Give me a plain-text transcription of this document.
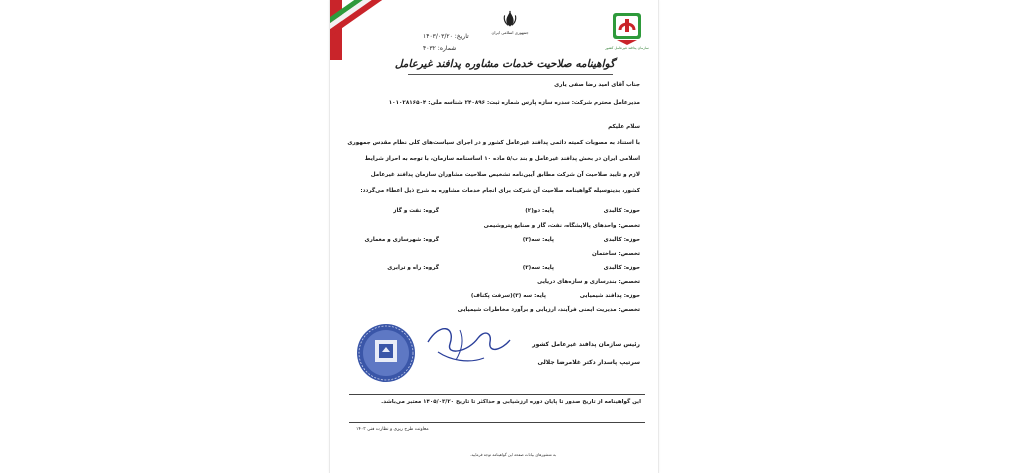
جمهوری اسلامی ایران
سازمان پدافند غیرعامل کشور
تاریخ: ۱۴۰۳/۰۳/۲۰
شماره: ۴۰۳۲
گواهینامه صلاحیت خدمات مشاوره پدافند غیرعامل
جناب آقای امید رضا صفی یاری
مدیرعامل محترم شرکت: سدره سازه پارس شماره ثبت: ۲۴۰۸۹۶ شناسه ملی: ۱۰۱۰۲۸۱۶۵۰۴
سلام علیکم
با استناد به مصوبات کمیته دائمی پدافند غیرعامل کشور و در اجرای سیاست‌های کلی نظام مقدس جمهوری
اسلامی ایران در بخش پدافند غیرعامل و بند ب/۵ ماده ۱۰ اساسنامه سازمان، با توجه به احراز شرایط
لازم و تایید صلاحیت آن شرکت مطابق آیین‌نامه تشخیص صلاحیت مشاوران سازمان پدافند غیرعامل
کشور، بدینوسیله گواهینامه صلاحیت آن شرکت برای انجام خدمات مشاوره به شرح ذیل اعطاء می‌گردد:
حوزه: کالبدی
پایه: دو(۲)
گروه: نفت و گاز
تخصص: واحدهای پالایشگاه، نفت، گاز و صنایع پتروشیمی
حوزه: کالبدی
پایه: سه(۳)
گروه: شهرسازی و معماری
تخصص: ساختمان
حوزه: کالبدی
پایه: سه(۳)
گروه: راه و ترابری
تخصص: بندرسازی و سازه‌های دریایی
حوزه: پدافند شیمیایی
پایه: سه (۳)(سرفت پکناف)
تخصص: مدیریت ایمنی فرآیند، ارزیابی و برآورد مخاطرات شیمیایی
رئیس سازمان پدافند غیرعامل کشور
سرتیپ پاسدار دکتر غلامرضا جلالی
این گواهینامه از تاریخ صدور تا پایان دوره ارزشیابی و حداکثر تا تاریخ ۱۴۰۵/۰۳/۲۰ معتبر می‌باشد.
معاونت طرح ریزی و نظارت فنی ۱۴۰۳
به منشورهای بیانات صفحه این گواهینامه توجه فرمایید.
